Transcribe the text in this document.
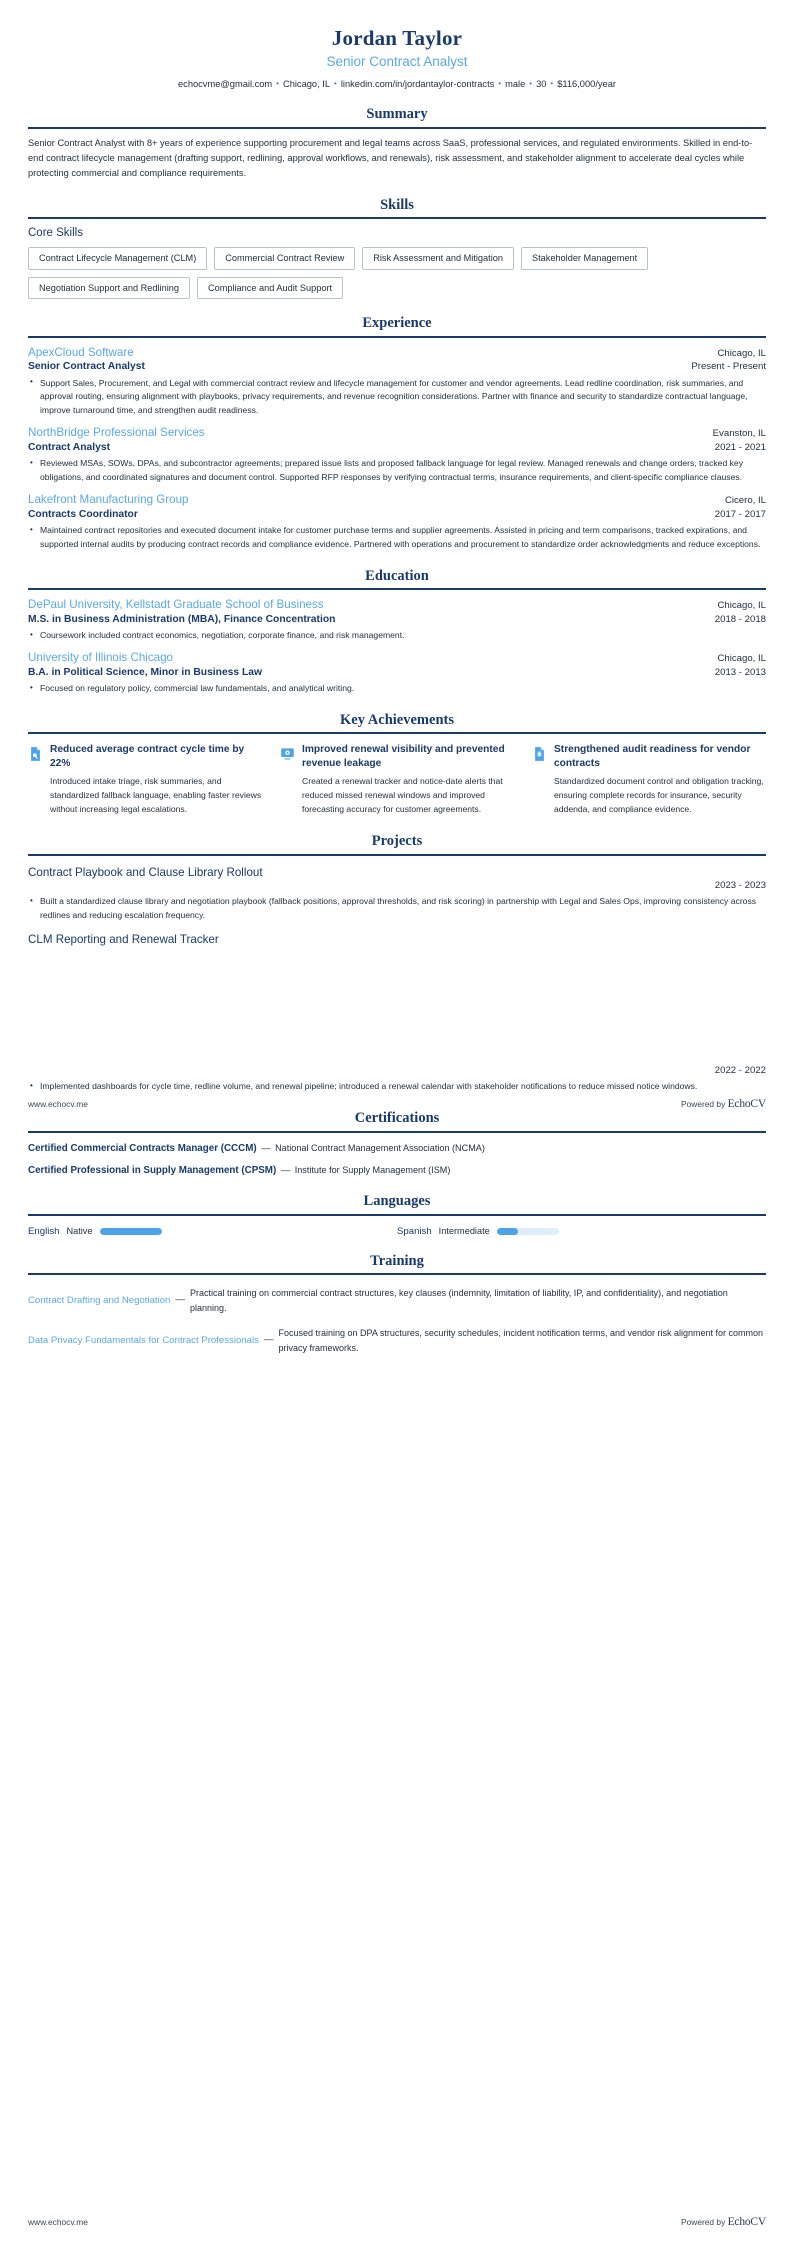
Jordan Taylor
Senior Contract Analyst
echocvme@gmail.com • Chicago, IL • linkedin.com/in/jordantaylor-contracts • male • 30 • $116,000/year
Summary
Senior Contract Analyst with 8+ years of experience supporting procurement and legal teams across SaaS, professional services, and regulated environments. Skilled in end-to-end contract lifecycle management (drafting support, redlining, approval workflows, and renewals), risk assessment, and stakeholder alignment to accelerate deal cycles while protecting commercial and compliance requirements.
Skills
Core Skills
Contract Lifecycle Management (CLM)	Commercial Contract Review	Risk Assessment and Mitigation	Stakeholder Management
Negotiation Support and Redlining	Compliance and Audit Support
Experience
ApexCloud Software	Chicago, IL
Senior Contract Analyst	Present - Present
• Support Sales, Procurement, and Legal with commercial contract review and lifecycle management for customer and vendor agreements. Lead redline coordination, risk summaries, and approval routing, ensuring alignment with playbooks, privacy requirements, and revenue recognition considerations. Partner with finance and security to standardize contractual language, improve turnaround time, and strengthen audit readiness.
NorthBridge Professional Services	Evanston, IL
Contract Analyst	2021 - 2021
• Reviewed MSAs, SOWs, DPAs, and subcontractor agreements; prepared issue lists and proposed fallback language for legal review. Managed renewals and change orders, tracked key obligations, and coordinated signatures and document control. Supported RFP responses by verifying contractual terms, insurance requirements, and client-specific compliance clauses.
Lakefront Manufacturing Group	Cicero, IL
Contracts Coordinator	2017 - 2017
• Maintained contract repositories and executed document intake for customer purchase terms and supplier agreements. Assisted in pricing and term comparisons, tracked expirations, and supported internal audits by producing contract records and compliance evidence. Partnered with operations and procurement to standardize order acknowledgments and reduce exceptions.
Education
DePaul University, Kellstadt Graduate School of Business	Chicago, IL
M.S. in Business Administration (MBA), Finance Concentration	2018 - 2018
• Coursework included contract economics, negotiation, corporate finance, and risk management.
University of Illinois Chicago	Chicago, IL
B.A. in Political Science, Minor in Business Law	2013 - 2013
• Focused on regulatory policy, commercial law fundamentals, and analytical writing.
Key Achievements
Reduced average contract cycle time by 22%
Introduced intake triage, risk summaries, and standardized fallback language, enabling faster reviews without increasing legal escalations.
Improved renewal visibility and prevented revenue leakage
Created a renewal tracker and notice-date alerts that reduced missed renewal windows and improved forecasting accuracy for customer agreements.
Strengthened audit readiness for vendor contracts
Standardized document control and obligation tracking, ensuring complete records for insurance, security addenda, and compliance evidence.
Projects
Contract Playbook and Clause Library Rollout
2023 - 2023
• Built a standardized clause library and negotiation playbook (fallback positions, approval thresholds, and risk scoring) in partnership with Legal and Sales Ops, improving consistency across redlines and reducing escalation frequency.
CLM Reporting and Renewal Tracker
2022 - 2022
• Implemented dashboards for cycle time, redline volume, and renewal pipeline; introduced a renewal calendar with stakeholder notifications to reduce missed notice windows.
Certifications
Certified Commercial Contracts Manager (CCCM) — National Contract Management Association (NCMA)
Certified Professional in Supply Management (CPSM) — Institute for Supply Management (ISM)
Languages
English Native	Spanish Intermediate
Training
Contract Drafting and Negotiation —
Practical training on commercial contract structures, key clauses (indemnity, limitation of liability, IP, and confidentiality), and negotiation planning.
Data Privacy Fundamentals for Contract Professionals —
Focused training on DPA structures, security schedules, incident notification terms, and vendor risk alignment for common privacy frameworks.
www.echocv.me	Powered by EchoCV
www.echocv.me	Powered by EchoCV
